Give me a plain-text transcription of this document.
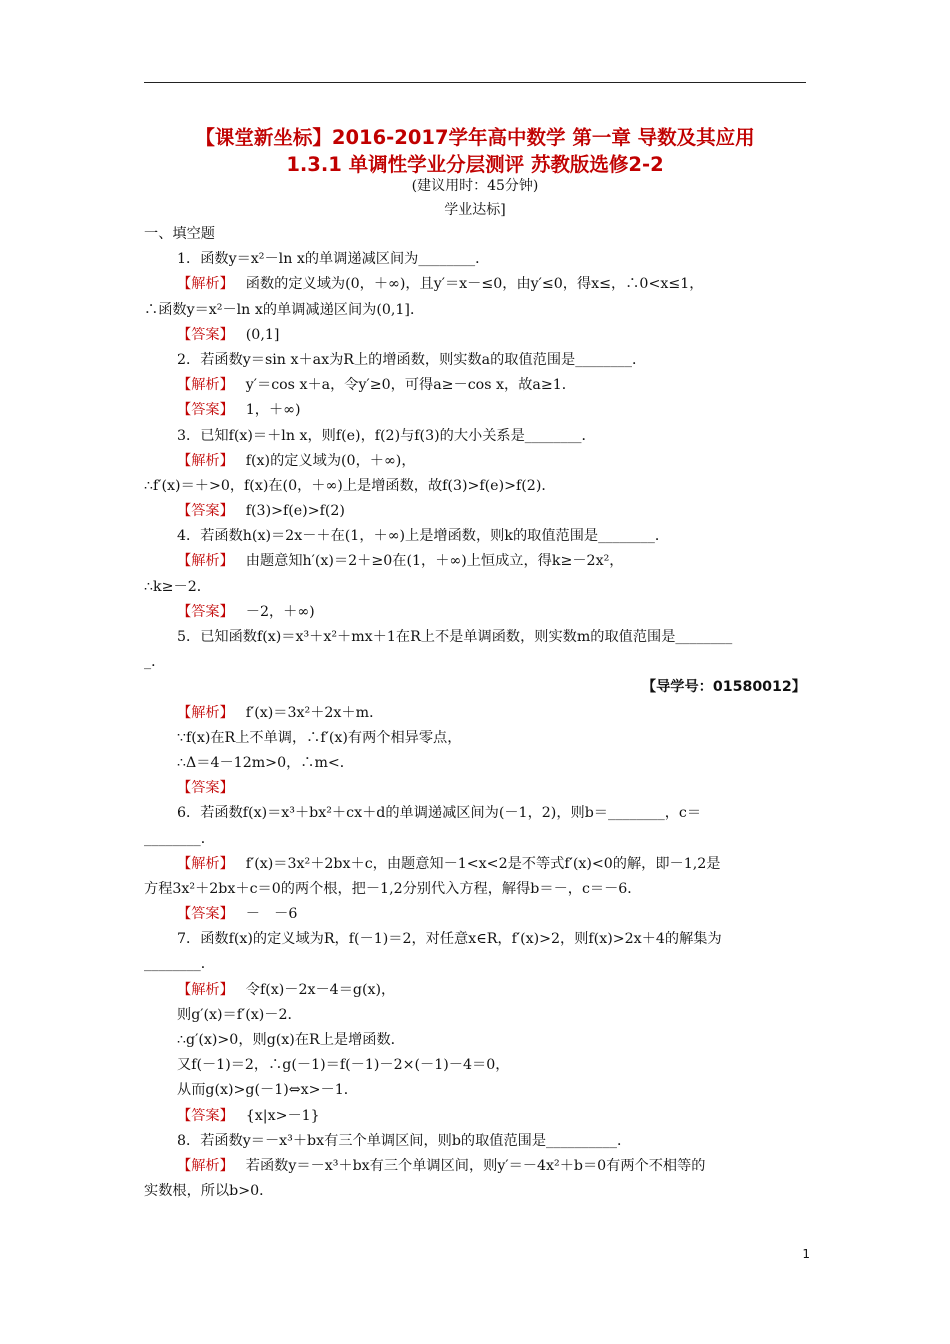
【课堂新坐标】2016-2017学年高中数学 第一章 导数及其应用
1.3.1 单调性学业分层测评 苏教版选修2-2
(建议用时：45分钟)
学业达标]
一、填空题
1．函数y＝x²－ln x的单调递减区间为________．
【解析】 函数的定义域为(0，＋∞)，且y′＝x－≤0，由y′≤0，得x≤，∴0<x≤1，
∴函数y＝x²－ln x的单调减递区间为(0,1]．
【答案】 (0,1]
2．若函数y＝sin x＋ax为R上的增函数，则实数a的取值范围是________．
【解析】 y′＝cos x＋a，令y′≥0，可得a≥－cos x，故a≥1．
【答案】 1，＋∞)
3．已知f(x)＝＋ln x，则f(e)，f(2)与f(3)的大小关系是________．
【解析】 f(x)的定义域为(0，＋∞)，
∴f′(x)＝＋>0，f(x)在(0，＋∞)上是增函数，故f(3)>f(e)>f(2)．
【答案】 f(3)>f(e)>f(2)
4．若函数h(x)＝2x－＋在(1，＋∞)上是增函数，则k的取值范围是________．
【解析】 由题意知h′(x)＝2＋≥0在(1，＋∞)上恒成立，得k≥－2x²，
∴k≥－2．
【答案】 －2，＋∞)
5．已知函数f(x)＝x³＋x²＋mx＋1在R上不是单调函数，则实数m的取值范围是________
_．
【导学号：01580012】
【解析】 f′(x)＝3x²＋2x＋m．
∵f(x)在R上不单调，∴f′(x)有两个相异零点，
∴Δ＝4－12m>0，∴m<．
【答案】
6．若函数f(x)＝x³＋bx²＋cx＋d的单调递减区间为(－1，2)，则b＝________，c＝
________．
【解析】 f′(x)＝3x²＋2bx＋c，由题意知－1<x<2是不等式f′(x)<0的解，即－1,2是
方程3x²＋2bx＋c＝0的两个根，把－1,2分别代入方程，解得b＝－，c＝－6．
【答案】 －　－6
7．函数f(x)的定义域为R，f(－1)＝2，对任意x∈R，f′(x)>2，则f(x)>2x＋4的解集为
________．
【解析】 令f(x)－2x－4＝g(x)，
则g′(x)＝f′(x)－2．
∴g′(x)>0，则g(x)在R上是增函数．
又f(－1)＝2，∴g(－1)＝f(－1)－2×(－1)－4＝0，
从而g(x)>g(－1)⇔x>－1．
【答案】 {x|x>－1}
8．若函数y＝－x³＋bx有三个单调区间，则b的取值范围是__________．
【解析】 若函数y＝－x³＋bx有三个单调区间，则y′＝－4x²＋b＝0有两个不相等的
实数根，所以b>0．
1
